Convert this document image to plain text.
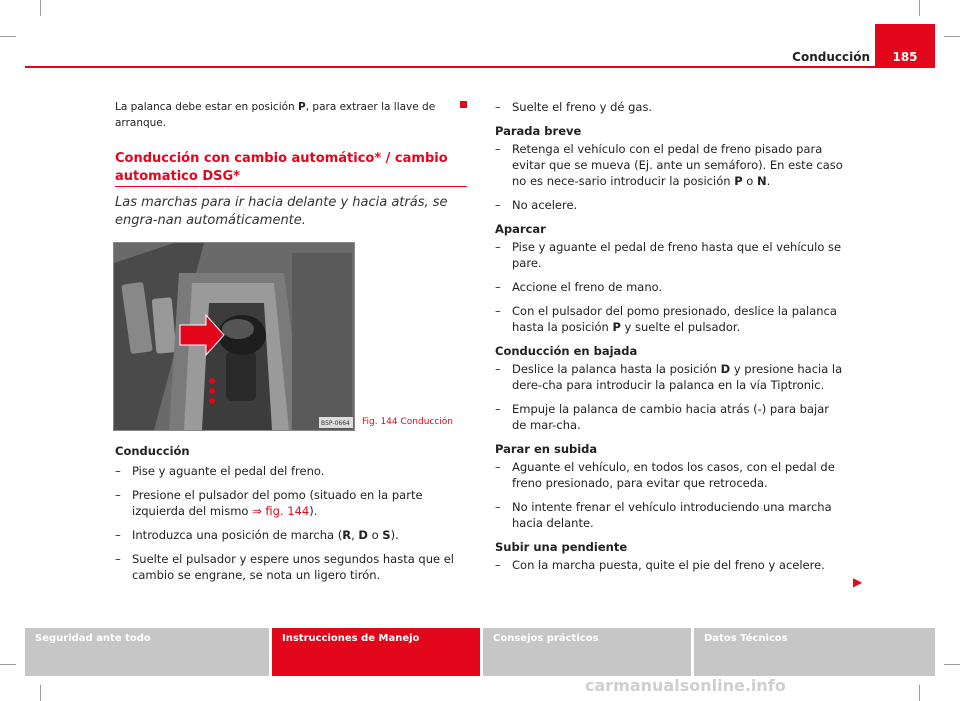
Conducción	185
La palanca debe estar en posición P, para extraer la llave de arranque.
Conducción con cambio automático* / cambio automatico DSG*
Las marchas para ir hacia delante y hacia atrás, se engra-nan automáticamente.
B5P-0664 Fig. 144 Conducción

Conducción

– Pise y aguante el pedal del freno.
– Presione el pulsador del pomo (situado en la parte izquierda del mismo ⇒ fig. 144).
– Introduzca una posición de marcha (R, D o S).
– Suelte el pulsador y espere unos segundos hasta que el cambio se engrane, se nota un ligero tirón.
– Suelte el freno y dé gas.

Parada breve

– Retenga el vehículo con el pedal de freno pisado para evitar que se mueva (Ej. ante un semáforo). En este caso no es nece-sario introducir la posición P o N.
– No acelere.

Aparcar

– Pise y aguante el pedal de freno hasta que el vehículo se pare.
– Accione el freno de mano.
– Con el pulsador del pomo presionado, deslice la palanca hasta la posición P y suelte el pulsador.

Conducción en bajada

– Deslice la palanca hasta la posición D y presione hacia la dere-cha para introducir la palanca en la vía Tiptronic.
– Empuje la palanca de cambio hacia atrás (-) para bajar de mar-cha.

Parar en subida

– Aguante el vehículo, en todos los casos, con el pedal de freno presionado, para evitar que retroceda.
– No intente frenar el vehículo introduciendo una marcha hacia delante.

Subir una pendiente

– Con la marcha puesta, quite el pie del freno y acelere.
▶
Seguridad ante todo	Instrucciones de Manejo	Consejos prácticos	Datos Técnicos
carmanualsonline.info
